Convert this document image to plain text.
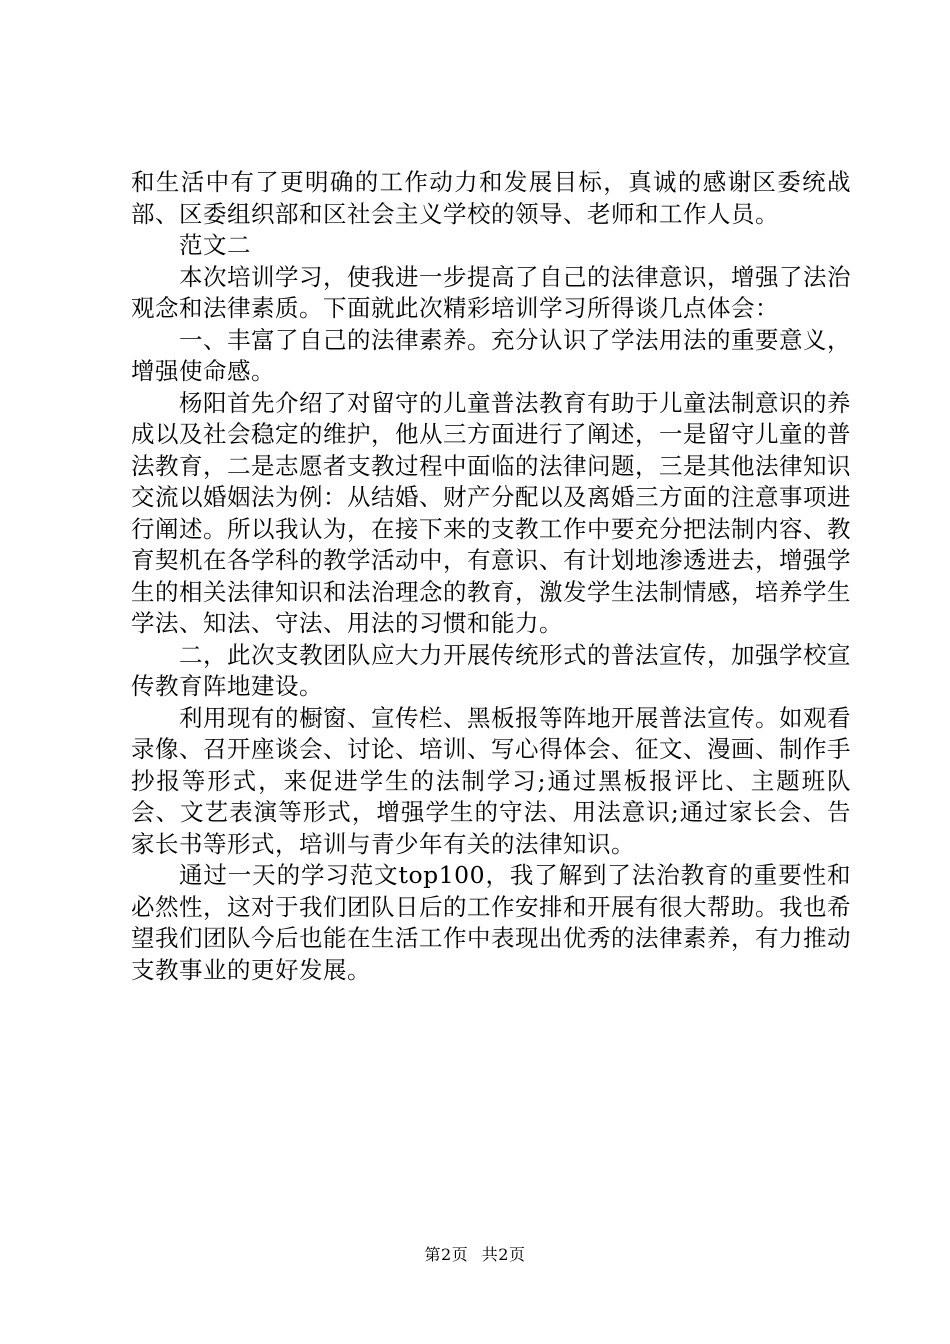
和生活中有了更明确的工作动力和发展目标，真诚的感谢区委统战部、区委组织部和区社会主义学校的领导、老师和工作人员。

范文二

本次培训学习，使我进一步提高了自己的法律意识，增强了法治观念和法律素质。下面就此次精彩培训学习所得谈几点体会：

一、丰富了自己的法律素养。充分认识了学法用法的重要意义，增强使命感。

杨阳首先介绍了对留守的儿童普法教育有助于儿童法制意识的养成以及社会稳定的维护，他从三方面进行了阐述，一是留守儿童的普法教育，二是志愿者支教过程中面临的法律问题，三是其他法律知识交流以婚姻法为例：从结婚、财产分配以及离婚三方面的注意事项进行阐述。所以我认为，在接下来的支教工作中要充分把法制内容、教育契机在各学科的教学活动中，有意识、有计划地渗透进去，增强学生的相关法律知识和法治理念的教育，激发学生法制情感，培养学生学法、知法、守法、用法的习惯和能力。

二，此次支教团队应大力开展传统形式的普法宣传，加强学校宣传教育阵地建设。

利用现有的橱窗、宣传栏、黑板报等阵地开展普法宣传。如观看录像、召开座谈会、讨论、培训、写心得体会、征文、漫画、制作手抄报等形式，来促进学生的法制学习;通过黑板报评比、主题班队会、文艺表演等形式，增强学生的守法、用法意识;通过家长会、告家长书等形式，培训与青少年有关的法律知识。

通过一天的学习范文top100，我了解到了法治教育的重要性和必然性，这对于我们团队日后的工作安排和开展有很大帮助。我也希望我们团队今后也能在生活工作中表现出优秀的法律素养，有力推动支教事业的更好发展。

第2页 共2页
